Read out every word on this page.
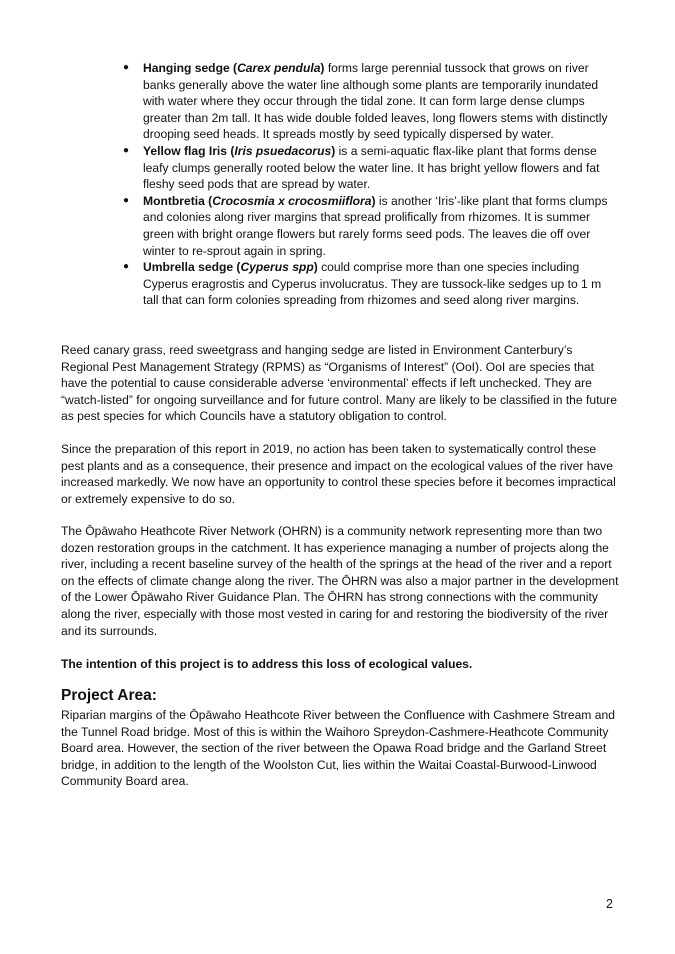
● Hanging sedge (Carex pendula) forms large perennial tussock that grows on river banks generally above the water line although some plants are temporarily inundated with water where they occur through the tidal zone. It can form large dense clumps greater than 2m tall. It has wide double folded leaves, long flowers stems with distinctly drooping seed heads. It spreads mostly by seed typically dispersed by water.
● Yellow flag Iris (Iris psuedacorus) is a semi-aquatic flax-like plant that forms dense leafy clumps generally rooted below the water line. It has bright yellow flowers and fat fleshy seed pods that are spread by water.
● Montbretia (Crocosmia x crocosmiiflora) is another ‘Iris’-like plant that forms clumps and colonies along river margins that spread prolifically from rhizomes. It is summer green with bright orange flowers but rarely forms seed pods. The leaves die off over winter to re-sprout again in spring.
● Umbrella sedge (Cyperus spp) could comprise more than one species including Cyperus eragrostis and Cyperus involucratus. They are tussock-like sedges up to 1 m tall that can form colonies spreading from rhizomes and seed along river margins.

Reed canary grass, reed sweetgrass and hanging sedge are listed in Environment Canterbury’s Regional Pest Management Strategy (RPMS) as “Organisms of Interest” (OoI). OoI are species that have the potential to cause considerable adverse ‘environmental’ effects if left unchecked. They are “watch-listed” for ongoing surveillance and for future control. Many are likely to be classified in the future as pest species for which Councils have a statutory obligation to control.

Since the preparation of this report in 2019, no action has been taken to systematically control these pest plants and as a consequence, their presence and impact on the ecological values of the river have increased markedly. We now have an opportunity to control these species before it becomes impractical or extremely expensive to do so.

The Ōpāwaho Heathcote River Network (OHRN) is a community network representing more than two dozen restoration groups in the catchment. It has experience managing a number of projects along the river, including a recent baseline survey of the health of the springs at the head of the river and a report on the effects of climate change along the river. The ŌHRN was also a major partner in the development of the Lower Ōpāwaho River Guidance Plan. The ŌHRN has strong connections with the community along the river, especially with those most vested in caring for and restoring the biodiversity of the river and its surrounds.

The intention of this project is to address this loss of ecological values.

Project Area:

Riparian margins of the Ōpāwaho Heathcote River between the Confluence with Cashmere Stream and the Tunnel Road bridge. Most of this is within the Waihoro Spreydon-Cashmere-Heathcote Community Board area. However, the section of the river between the Opawa Road bridge and the Garland Street bridge, in addition to the length of the Woolston Cut, lies within the Waitai Coastal-Burwood-Linwood Community Board area.

2
